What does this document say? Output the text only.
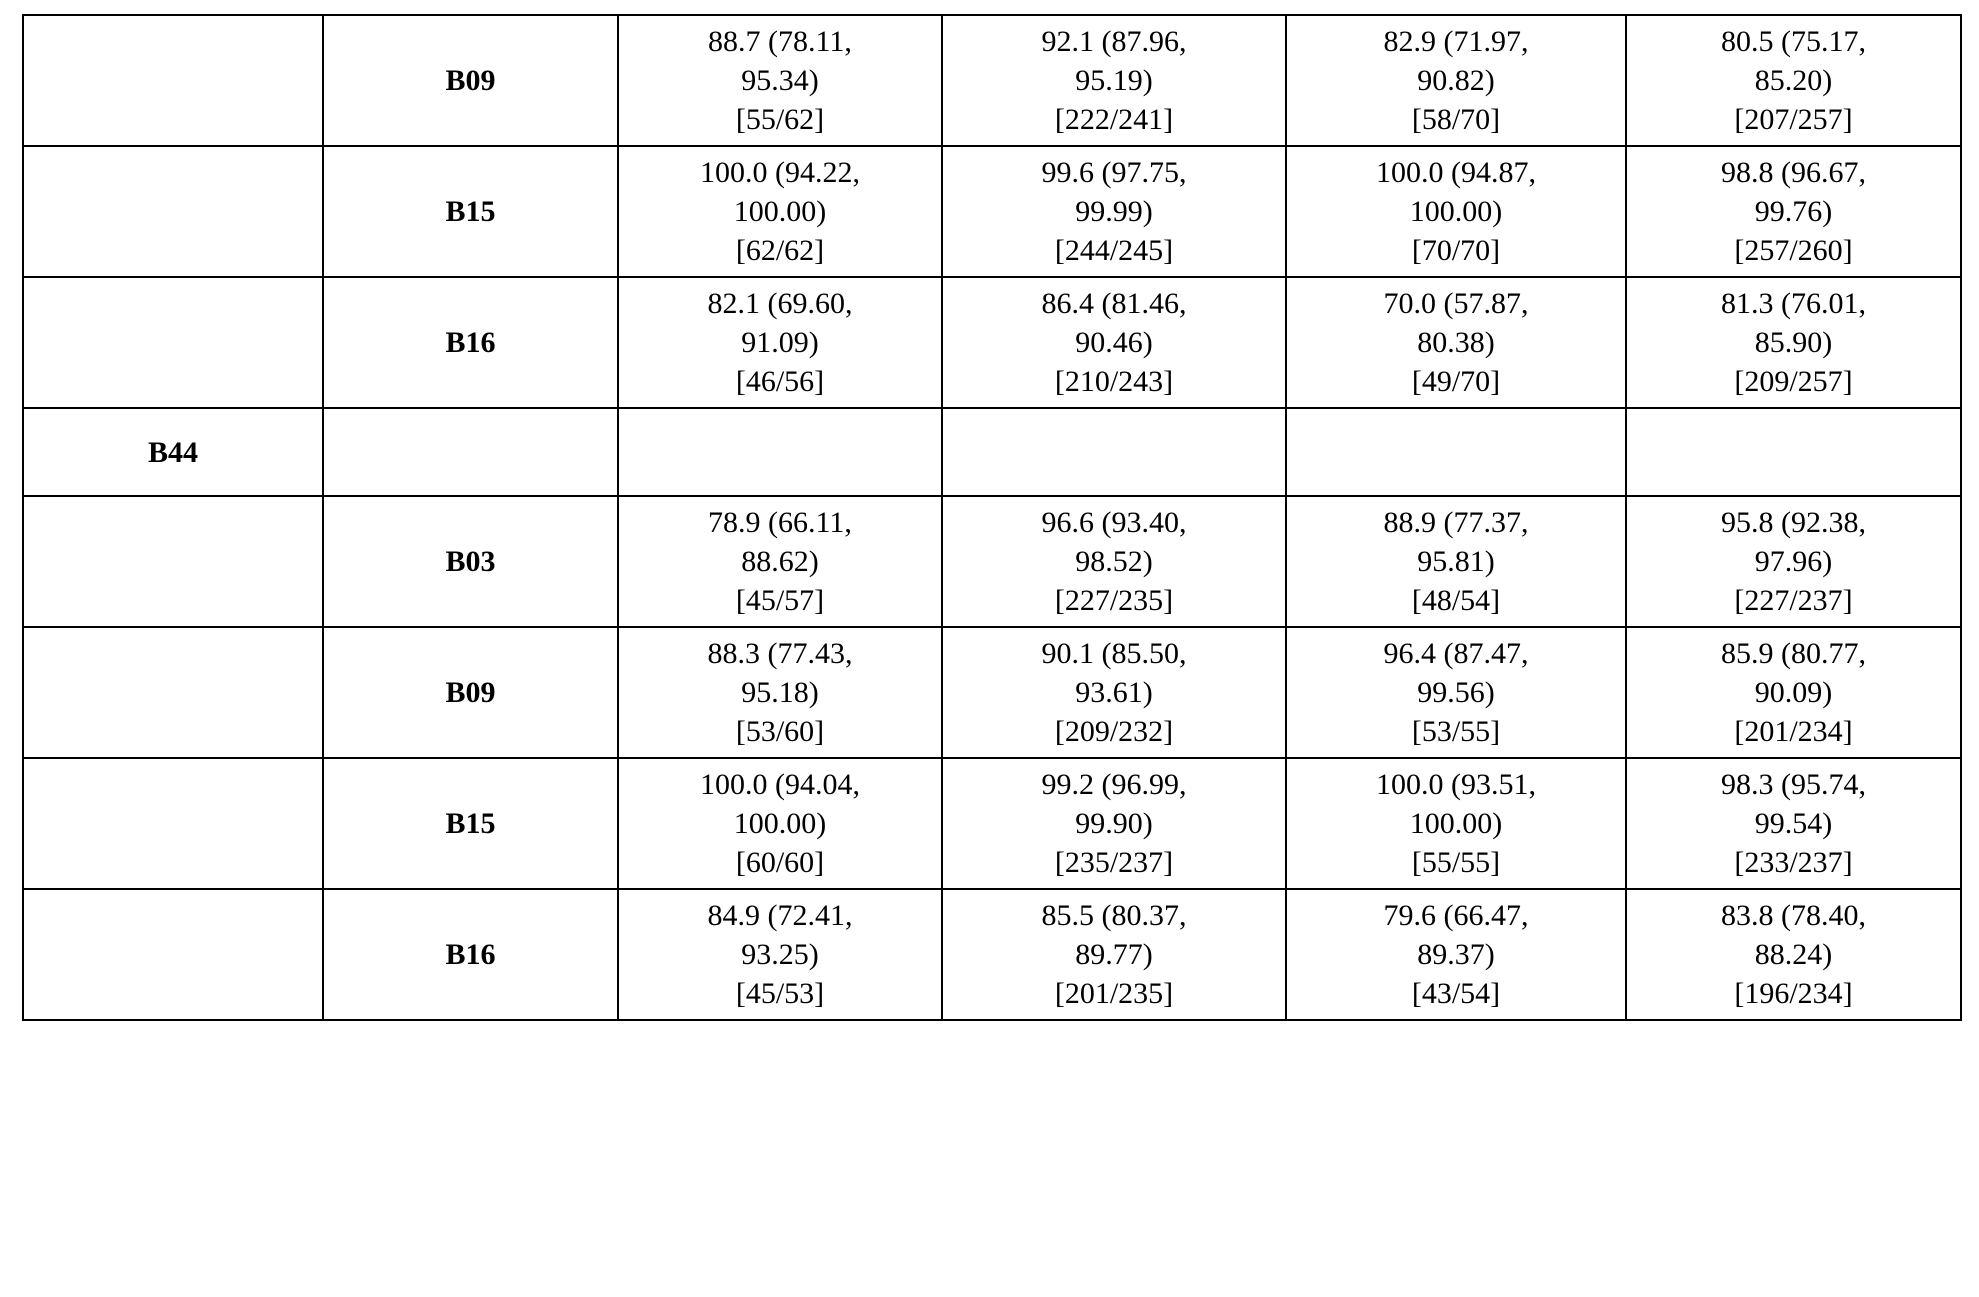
	B09	88.7 (78.11,
95.34)
[55/62]	92.1 (87.96,
95.19)
[222/241]	82.9 (71.97,
90.82)
[58/70]	80.5 (75.17,
85.20)
[207/257]

	B15	100.0 (94.22,
100.00)
[62/62]	99.6 (97.75,
99.99)
[244/245]	100.0 (94.87,
100.00)
[70/70]	98.8 (96.67,
99.76)
[257/260]

	B16	82.1 (69.60,
91.09)
[46/56]	86.4 (81.46,
90.46)
[210/243]	70.0 (57.87,
80.38)
[49/70]	81.3 (76.01,
85.90)
[209/257]

B44					
	B03	78.9 (66.11,
88.62)
[45/57]	96.6 (93.40,
98.52)
[227/235]	88.9 (77.37,
95.81)
[48/54]	95.8 (92.38,
97.96)
[227/237]

	B09	88.3 (77.43,
95.18)
[53/60]	90.1 (85.50,
93.61)
[209/232]	96.4 (87.47,
99.56)
[53/55]	85.9 (80.77,
90.09)
[201/234]

	B15	100.0 (94.04,
100.00)
[60/60]	99.2 (96.99,
99.90)
[235/237]	100.0 (93.51,
100.00)
[55/55]	98.3 (95.74,
99.54)
[233/237]

	B16	84.9 (72.41,
93.25)
[45/53]	85.5 (80.37,
89.77)
[201/235]	79.6 (66.47,
89.37)
[43/54]	83.8 (78.40,
88.24)
[196/234]
